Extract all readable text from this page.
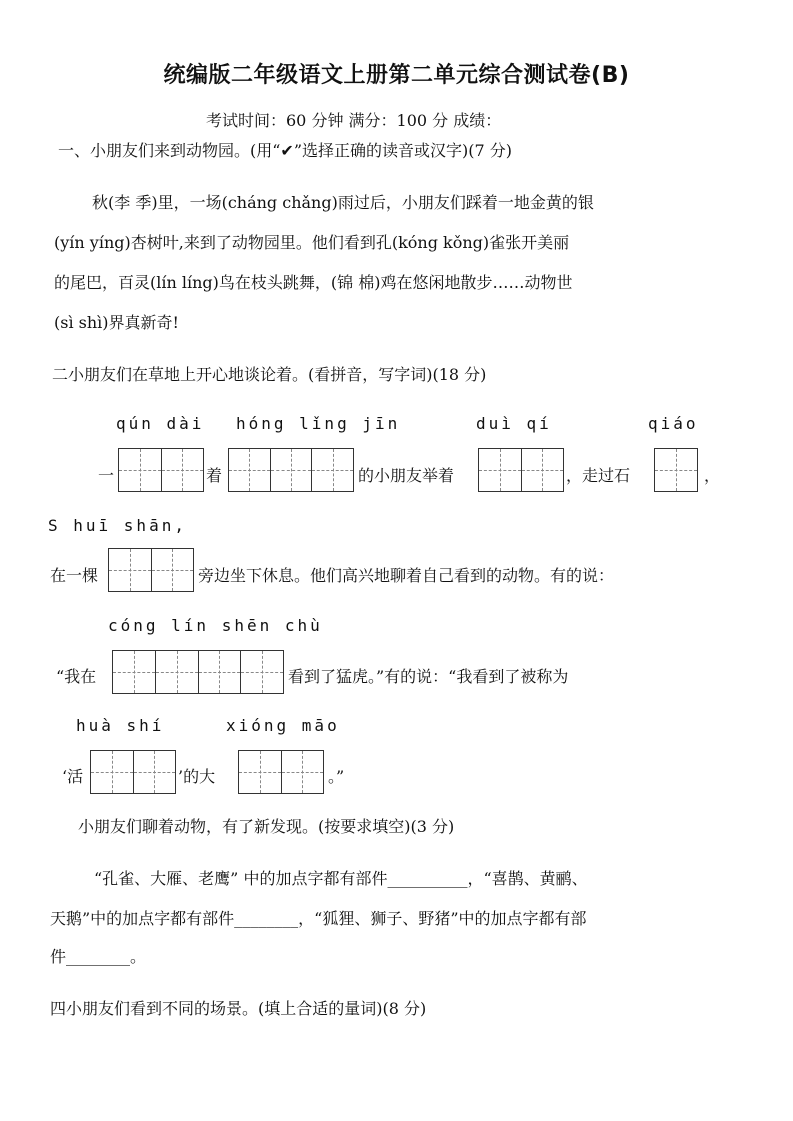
统编版二年级语文上册第二单元综合测试卷(B)
考试时间：60 分钟 满分：100 分 成绩：
一、小朋友们来到动物园。(用“✔”选择正确的读音或汉字)(7 分)
秋(李 季)里，一场(cháng chǎng)雨过后，小朋友们踩着一地金黄的银
(yín yíng)杏树叶,来到了动物园里。他们看到孔(kóng kǒng)雀张开美丽
的尾巴，百灵(lín líng)鸟在枝头跳舞，(锦 棉)鸡在悠闲地散步……动物世
(sì shì)界真新奇!
二小朋友们在草地上开心地谈论着。(看拼音，写字词)(18 分)
qún dài hóng lǐng jīn	duì qí	qiáo
一	着	的小朋友举着	，走过石	，
S huī shān,
在一棵	旁边坐下休息。他们高兴地聊着自己看到的动物。有的说：
cóng lín shēn chù
“我在	看到了猛虎。”有的说：“我看到了被称为
huà shí	xióng māo
‘活	’的大	。”
小朋友们聊着动物，有了新发现。(按要求填空)(3 分)
“孔雀、大雁、老鹰” 中的加点字都有部件__________，“喜鹊、黄鹂、
天鹅”中的加点字都有部件________，“狐狸、狮子、野猪”中的加点字都有部
件________。
四小朋友们看到不同的场景。(填上合适的量词)(8 分)
